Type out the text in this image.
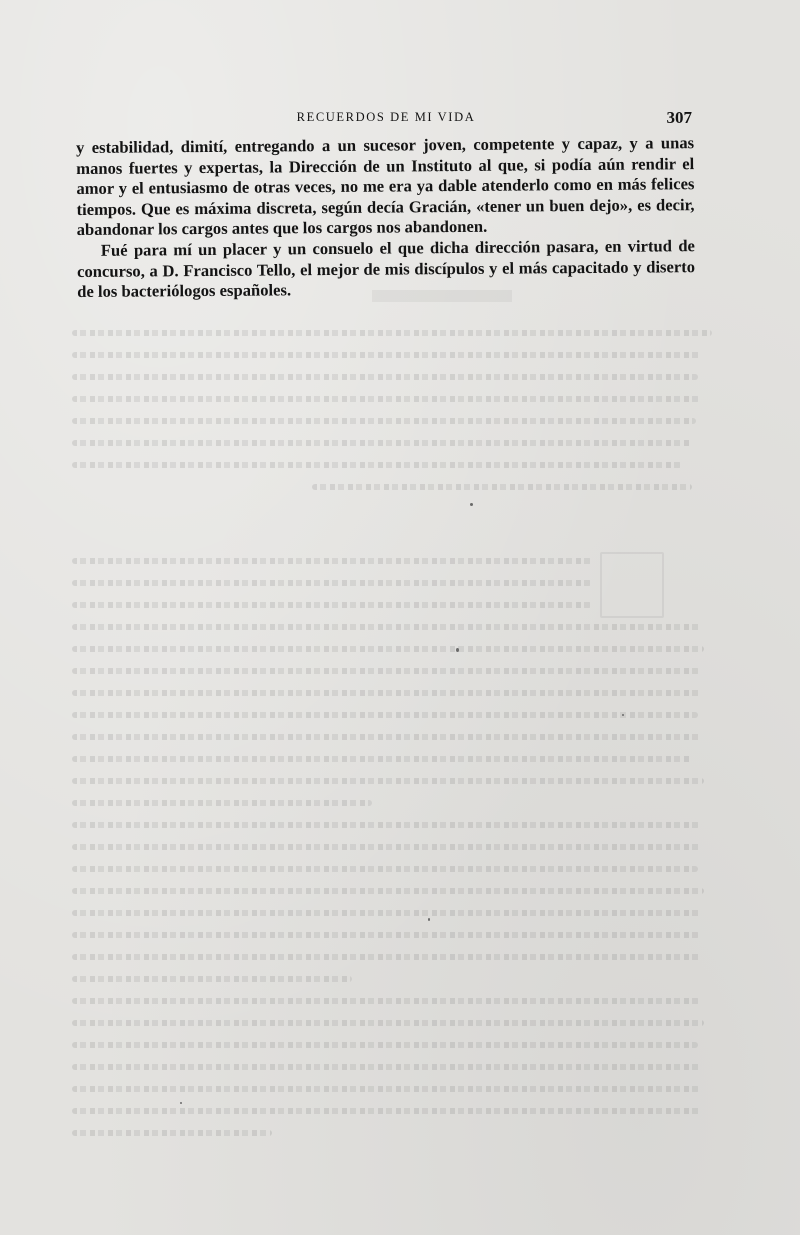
RECUERDOS DE MI VIDA	307

y estabilidad, dimití, entregando a un sucesor joven, competente y capaz, y a unas manos fuertes y expertas, la Dirección de un Instituto al que, si podía aún rendir el amor y el entusiasmo de otras veces, no me era ya dable atenderlo como en más felices tiempos. Que es máxima discreta, según decía Gracián, «tener un buen dejo», es decir, abandonar los cargos antes que los cargos nos abandonen.

Fué para mí un placer y un consuelo el que dicha dirección pasara, en virtud de concurso, a D. Francisco Tello, el mejor de mis discípulos y el más capacitado y diserto de los bacteriólogos españoles.
